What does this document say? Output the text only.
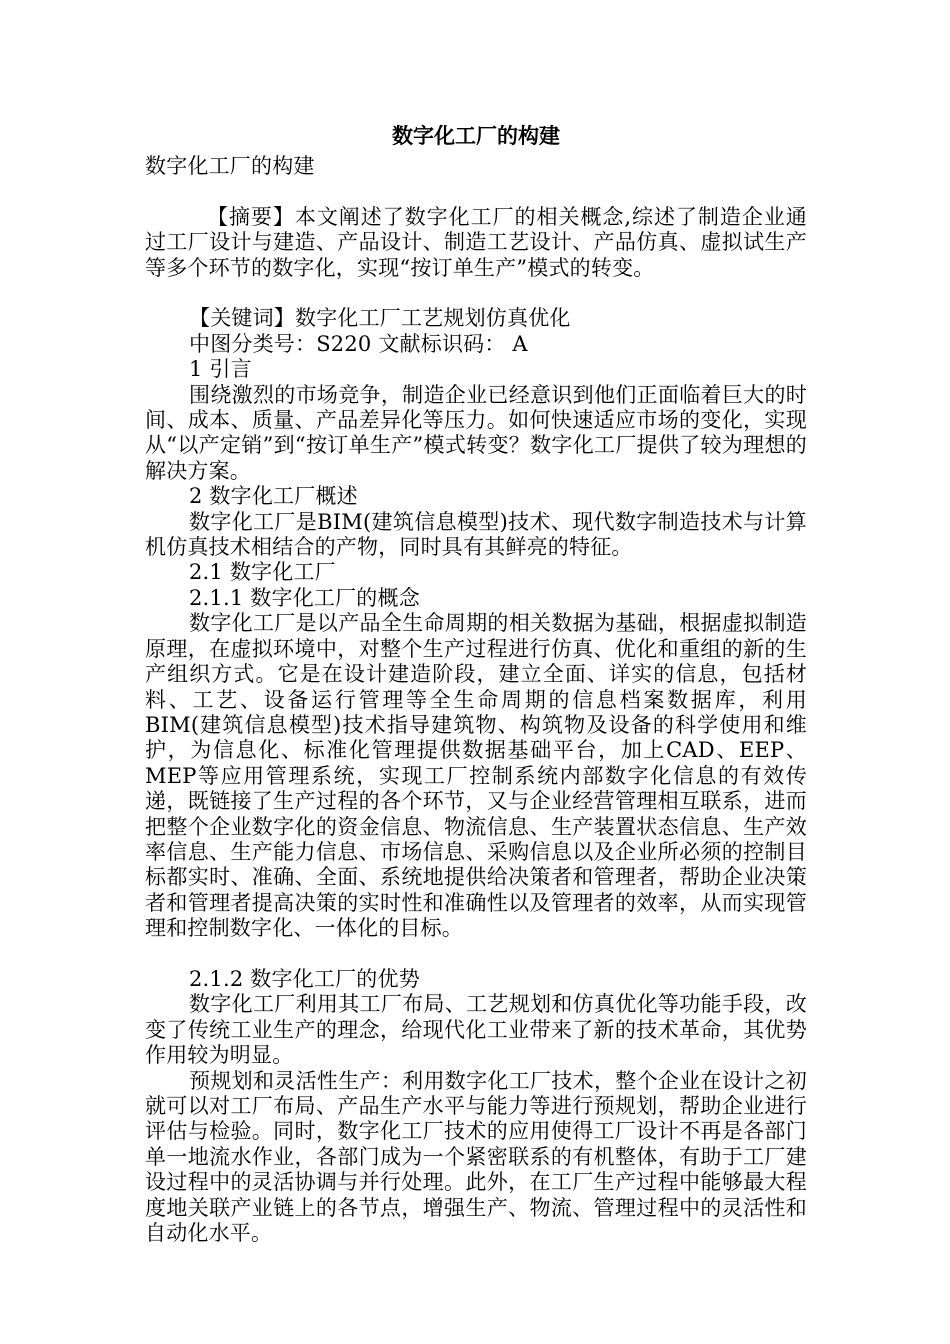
数字化工厂的构建

数字化工厂的构建

【摘要】本文阐述了数字化工厂的相关概念,综述了制造企业通过工厂设计与建造、产品设计、制造工艺设计、产品仿真、虚拟试生产等多个环节的数字化，实现“按订单生产”模式的转变。

【关键词】数字化工厂工艺规划仿真优化

中图分类号：S220 文献标识码： A

1 引言

围绕激烈的市场竞争，制造企业已经意识到他们正面临着巨大的时间、成本、质量、产品差异化等压力。如何快速适应市场的变化，实现从“以产定销”到“按订单生产”模式转变？数字化工厂提供了较为理想的解决方案。

2 数字化工厂概述

数字化工厂是BIM(建筑信息模型)技术、现代数字制造技术与计算机仿真技术相结合的产物，同时具有其鲜亮的特征。

2.1 数字化工厂

2.1.1 数字化工厂的概念

数字化工厂是以产品全生命周期的相关数据为基础，根据虚拟制造原理，在虚拟环境中，对整个生产过程进行仿真、优化和重组的新的生产组织方式。它是在设计建造阶段，建立全面、详实的信息，包括材料、工艺、设备运行管理等全生命周期的信息档案数据库，利用BIM(建筑信息模型)技术指导建筑物、构筑物及设备的科学使用和维护，为信息化、标准化管理提供数据基础平台，加上CAD、EEP、MEP等应用管理系统，实现工厂控制系统内部数字化信息的有效传递，既链接了生产过程的各个环节，又与企业经营管理相互联系，进而把整个企业数字化的资金信息、物流信息、生产装置状态信息、生产效率信息、生产能力信息、市场信息、采购信息以及企业所必须的控制目标都实时、准确、全面、系统地提供给决策者和管理者，帮助企业决策者和管理者提高决策的实时性和准确性以及管理者的效率，从而实现管理和控制数字化、一体化的目标。

2.1.2 数字化工厂的优势

数字化工厂利用其工厂布局、工艺规划和仿真优化等功能手段，改变了传统工业生产的理念，给现代化工业带来了新的技术革命，其优势作用较为明显。

预规划和灵活性生产：利用数字化工厂技术，整个企业在设计之初就可以对工厂布局、产品生产水平与能力等进行预规划，帮助企业进行评估与检验。同时，数字化工厂技术的应用使得工厂设计不再是各部门单一地流水作业，各部门成为一个紧密联系的有机整体，有助于工厂建设过程中的灵活协调与并行处理。此外，在工厂生产过程中能够最大程度地关联产业链上的各节点，增强生产、物流、管理过程中的灵活性和自动化水平。
